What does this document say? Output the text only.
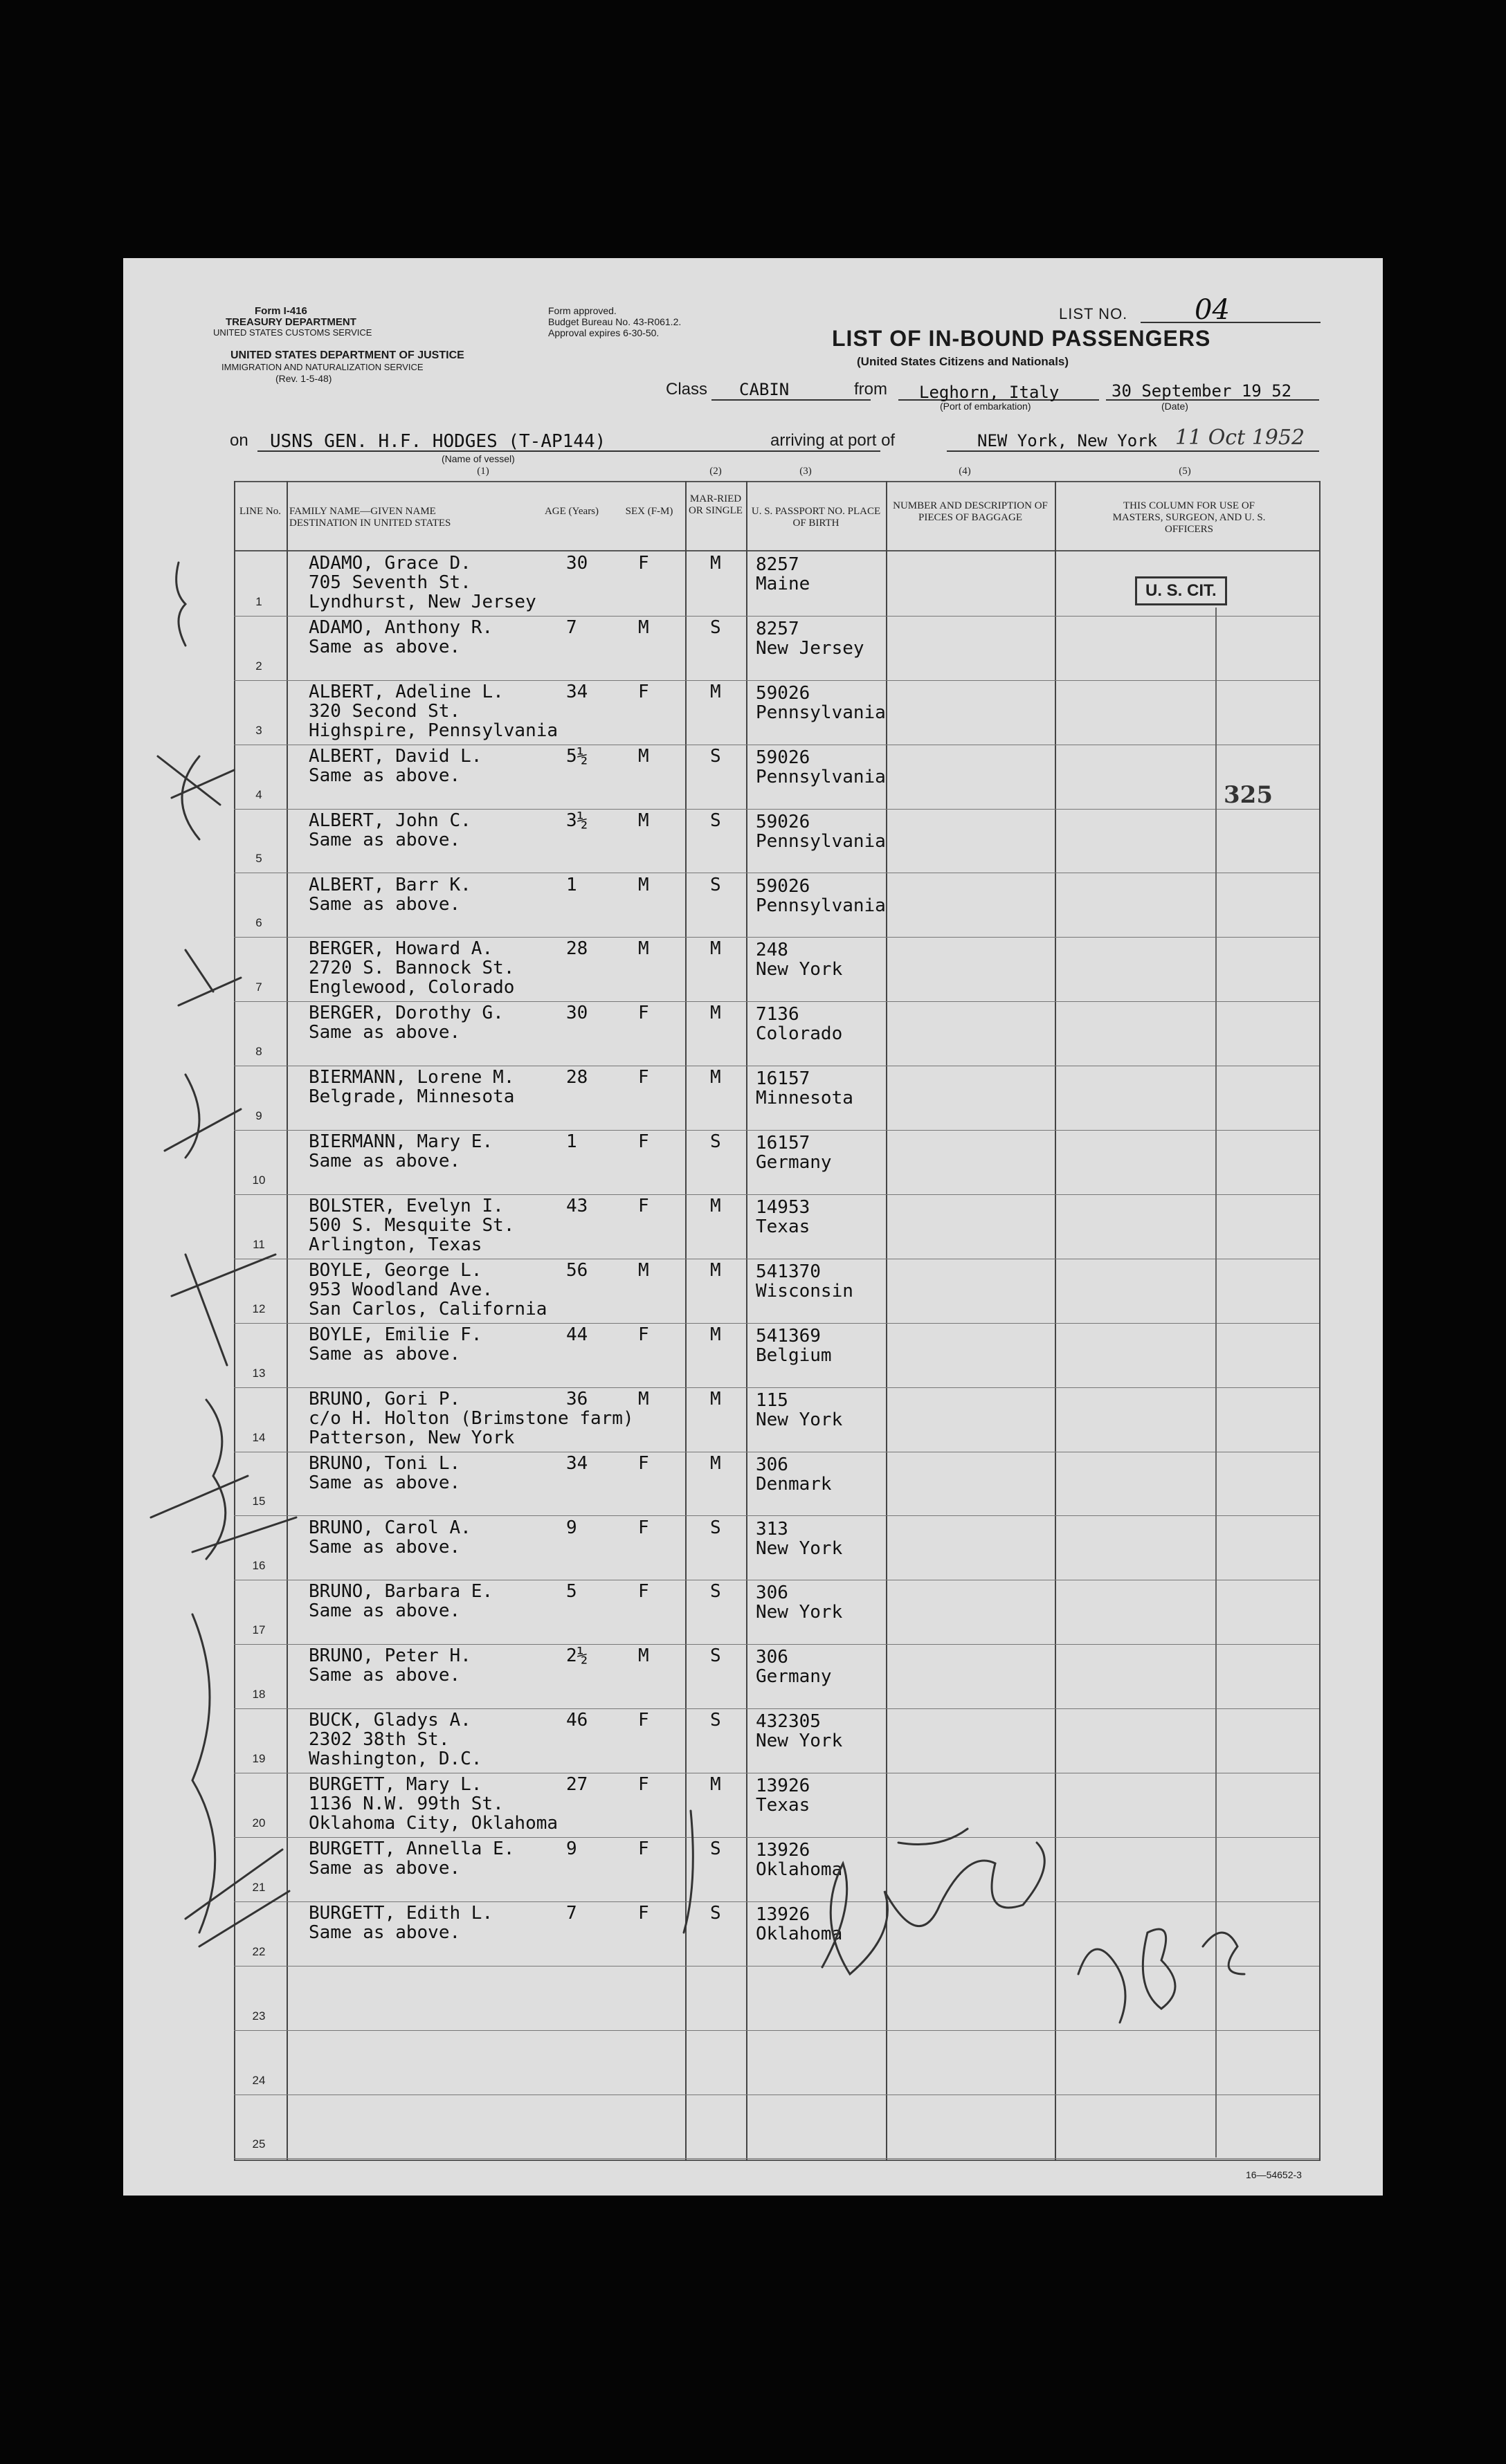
Form I-416
TREASURY DEPARTMENT
UNITED STATES CUSTOMS SERVICE
UNITED STATES DEPARTMENT OF JUSTICE
IMMIGRATION AND NATURALIZATION SERVICE
(Rev. 1-5-48)
Form approved.
Budget Bureau No. 43-R061.2.
Approval expires 6-30-50.
LIST NO. 04
LIST OF IN-BOUND PASSENGERS
(United States Citizens and Nationals)
Class CABIN	from Leghorn, Italy
(Port of embarkation)
30 September 19 52
(Date)
on USNS GEN. H.F. HODGES (T-AP144)
(Name of vessel)
arriving at port of	NEW York, New York 11 Oct 1952
(1)	(2)	(3)	(4)	(5)
LINE No. FAMILY NAME—GIVEN NAME DESTINATION IN UNITED STATES
AGE (Years)	SEX (F-M)
MAR-RIED OR SINGLE U. S. PASSPORT NO. PLACE OF BIRTH
NUMBER AND DESCRIPTION OF PIECES OF BAGGAGE
THIS COLUMN FOR USE OF MASTERS, SURGEON, AND U. S. OFFICERS
1
ADAMO, Grace D.
705 Seventh St.
Lyndhurst, New Jersey
30	F	M 8257
Maine
2
ADAMO, Anthony R.
Same as above.
7	M	S 8257
New Jersey
3
ALBERT, Adeline L.
320 Second St.
Highspire, Pennsylvania
34	F	M 59026
Pennsylvania
4
ALBERT, David L.
Same as above.
5½	M	S 59026
Pennsylvania
5
ALBERT, John C.
Same as above.
3½	M	S 59026
Pennsylvania
6
ALBERT, Barr K.
Same as above.
1	M	S 59026
Pennsylvania
7
BERGER, Howard A.
2720 S. Bannock St.
Englewood, Colorado
28	M	M 248
New York
8
BERGER, Dorothy G.
Same as above.
30	F	M 7136
Colorado
9
BIERMANN, Lorene M.
Belgrade, Minnesota
28	F	M 16157
Minnesota
10
BIERMANN, Mary E.
Same as above.
1	F	S 16157
Germany
11
BOLSTER, Evelyn I.
500 S. Mesquite St.
Arlington, Texas
43	F	M 14953
Texas
12
BOYLE, George L.
953 Woodland Ave.
San Carlos, California
56	M	M 541370
Wisconsin
13
BOYLE, Emilie F.
Same as above.
44	F	M 541369
Belgium
14
BRUNO, Gori P.
c/o H. Holton (Brimstone farm)
Patterson, New York
36	M	M 115
New York
15
BRUNO, Toni L.
Same as above.
34	F	M 306
Denmark
16
BRUNO, Carol A.
Same as above.
9	F	S 313
New York
17
BRUNO, Barbara E.
Same as above.
5	F	S 306
New York
18
BRUNO, Peter H.
Same as above.
2½	M	S 306
Germany
19
BUCK, Gladys A.
2302 38th St.
Washington, D.C.
46	F	S 432305
New York
20
BURGETT, Mary L.
1136 N.W. 99th St.
Oklahoma City, Oklahoma
27	F	M 13926
Texas
21
BURGETT, Annella E.
Same as above.
9	F	S 13926
Oklahoma
22
BURGETT, Edith L.
Same as above.
7	F	S 13926
Oklahoma
23
24
25
U. S. CIT.
325
16—54652-3
